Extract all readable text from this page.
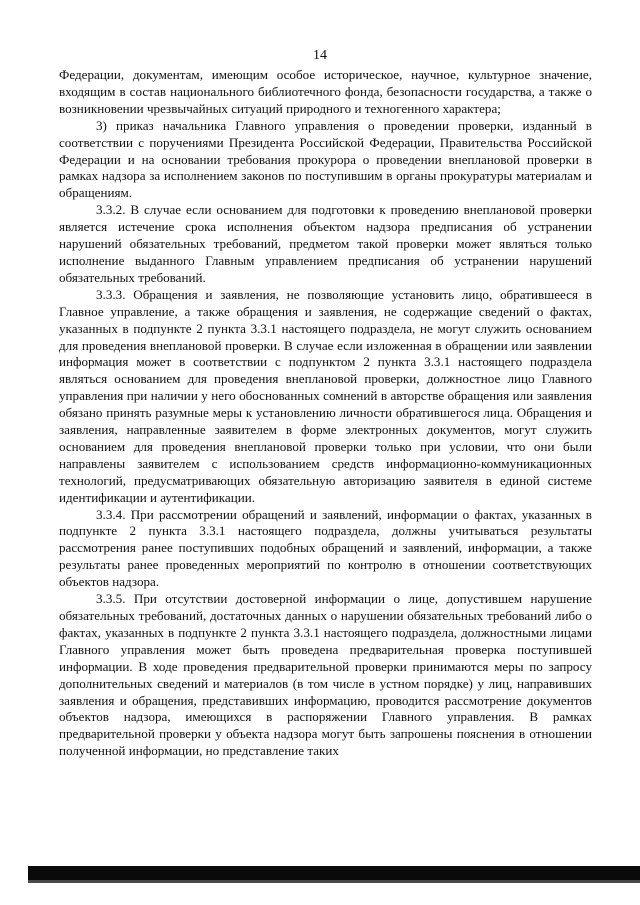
14

Федерации, документам, имеющим особое историческое, научное, культурное значение, входящим в состав национального библиотечного фонда, безопасности государства, а также о возникновении чрезвычайных ситуаций природного и техногенного характера;

3) приказ начальника Главного управления о проведении проверки, изданный в соответствии с поручениями Президента Российской Федерации, Правительства Российской Федерации и на основании требования прокурора о проведении внеплановой проверки в рамках надзора за исполнением законов по поступившим в органы прокуратуры материалам и обращениям.

3.3.2. В случае если основанием для подготовки к проведению внеплановой проверки является истечение срока исполнения объектом надзора предписания об устранении нарушений обязательных требований, предметом такой проверки может являться только исполнение выданного Главным управлением предписания об устранении нарушений обязательных требований.

3.3.3. Обращения и заявления, не позволяющие установить лицо, обратившееся в Главное управление, а также обращения и заявления, не содержащие сведений о фактах, указанных в подпункте 2 пункта 3.3.1 настоящего подраздела, не могут служить основанием для проведения внеплановой проверки. В случае если изложенная в обращении или заявлении информация может в соответствии с подпунктом 2 пункта 3.3.1 настоящего подраздела являться основанием для проведения внеплановой проверки, должностное лицо Главного управления при наличии у него обоснованных сомнений в авторстве обращения или заявления обязано принять разумные меры к установлению личности обратившегося лица. Обращения и заявления, направленные заявителем в форме электронных документов, могут служить основанием для проведения внеплановой проверки только при условии, что они были направлены заявителем с использованием средств информационно-коммуникационных технологий, предусматривающих обязательную авторизацию заявителя в единой системе идентификации и аутентификации.

3.3.4. При рассмотрении обращений и заявлений, информации о фактах, указанных в подпункте 2 пункта 3.3.1 настоящего подраздела, должны учитываться результаты рассмотрения ранее поступивших подобных обращений и заявлений, информации, а также результаты ранее проведенных мероприятий по контролю в отношении соответствующих объектов надзора.

3.3.5. При отсутствии достоверной информации о лице, допустившем нарушение обязательных требований, достаточных данных о нарушении обязательных требований либо о фактах, указанных в подпункте 2 пункта 3.3.1 настоящего подраздела, должностными лицами Главного управления может быть проведена предварительная проверка поступившей информации. В ходе проведения предварительной проверки принимаются меры по запросу дополнительных сведений и материалов (в том числе в устном порядке) у лиц, направивших заявления и обращения, представивших информацию, проводится рассмотрение документов объектов надзора, имеющихся в распоряжении Главного управления. В рамках предварительной проверки у объекта надзора могут быть запрошены пояснения в отношении полученной информации, но представление таких
